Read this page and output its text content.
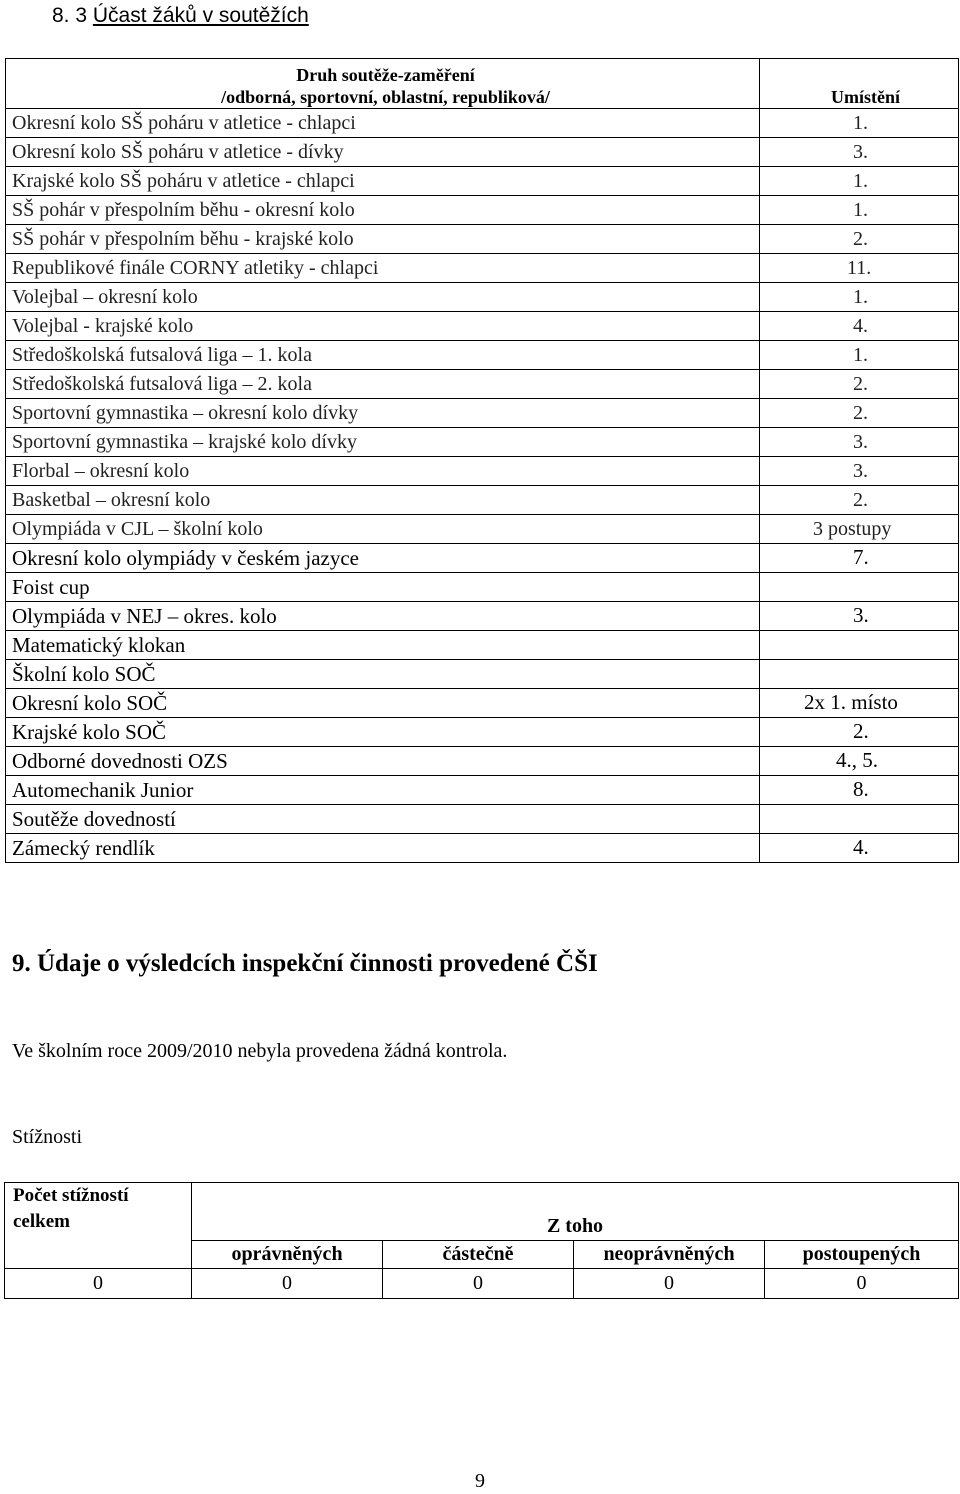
8. 3 Účast žáků v soutěžích
Druh soutěže-zaměření
/odborná, sportovní, oblastní, republiková/	Umístění
Okresní kolo SŠ poháru v atletice - chlapci	1.
Okresní kolo SŠ poháru v atletice - dívky	3.
Krajské kolo SŠ poháru v atletice - chlapci	1.
SŠ pohár v přespolním běhu - okresní kolo	1.
SŠ pohár v přespolním běhu - krajské kolo	2.
Republikové finále CORNY atletiky - chlapci	11.
Volejbal – okresní kolo	1.
Volejbal - krajské kolo	4.
Středoškolská futsalová liga – 1. kola	1.
Středoškolská futsalová liga – 2. kola	2.
Sportovní gymnastika – okresní kolo dívky	2.
Sportovní gymnastika – krajské kolo dívky	3.
Florbal – okresní kolo	3.
Basketbal – okresní kolo	2.
Olympiáda v CJL – školní kolo	3 postupy
Okresní kolo olympiády v českém jazyce	7.
Foist cup	
Olympiáda v NEJ – okres. kolo	3.
Matematický klokan	
Školní kolo SOČ	
Okresní kolo SOČ	2x 1. místo
Krajské kolo SOČ	2.
Odborné dovednosti OZS	4., 5.
Automechanik Junior	8.
Soutěže dovedností	
Zámecký rendlík	4.
9. Údaje o výsledcích inspekční činnosti provedené ČŠI
Ve školním roce 2009/2010 nebyla provedena žádná kontrola.
Stížnosti
Počet stížností
celkem	Z toho			
	oprávněných	částečně	neoprávněných	postoupených
0	0	0	0	0
9
